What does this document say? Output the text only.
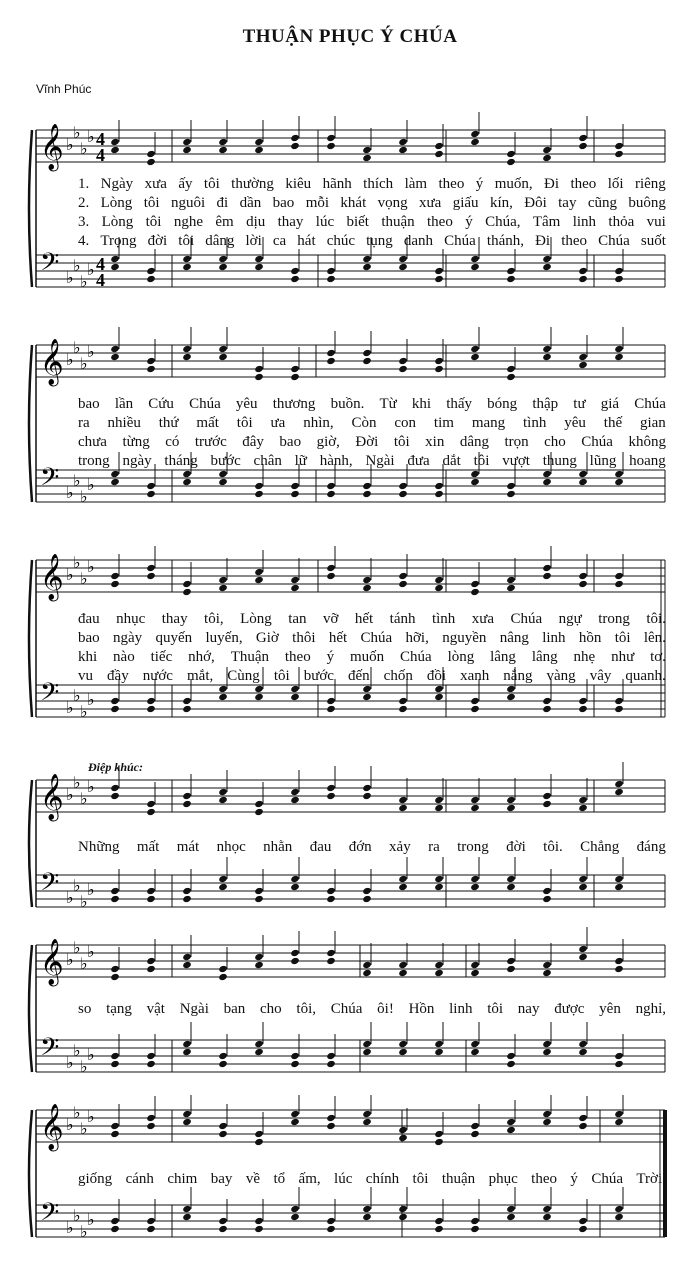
THUẬN PHỤC Ý CHÚA
Vĩnh Phúc
𝄞 ♭
♭
♭
♭ 4
4
𝄢 ♭
♭
♭
♭ 4
4
1. Ngày xưa ấy tôi thường kiêu hãnh thích làm theo ý muốn, Đi theo lối riêng
2. Lòng tôi nguôi đi dần bao mỗi khát vọng xưa giấu kín, Đôi tay cũng buông
3. Lòng tôi nghe êm dịu thay lúc biết thuận theo ý Chúa, Tâm linh thỏa vui
4. Trọng đời tôi dâng lời ca hát chúc tụng danh Chúa thánh, Đi theo Chúa suốt
𝄞 ♭
♭
♭
♭
𝄢 ♭
♭
♭
♭
bao lần Cứu Chúa yêu thương buồn. Từ khi thấy bóng thập tư giá Chúa
ra nhiều thứ mất tôi ưa nhìn, Còn con tim mang tình yêu thế gian
chưa từng có trước đây bao giờ, Đời tôi xin dâng trọn cho Chúa không
trong ngày tháng bước chân lữ hành, Ngài đưa dắt tôi vượt thung lũng hoang
𝄞 ♭
♭
♭
♭
𝄢 ♭
♭
♭
♭
đau nhục thay tôi, Lòng tan vỡ hết tánh tình xưa Chúa ngự trong tôi.
bao ngày quyến luyến, Giờ thôi hết Chúa hỡi, nguyền nâng linh hồn tôi lên.
khi nào tiếc nhớ, Thuận theo ý muốn Chúa lòng lâng lâng nhẹ như tơ.
vu đầy nước mắt, Cùng tôi bước đến chốn đồi xanh nắng vàng vây quanh.
Điệp khúc:
𝄞 ♭
♭
♭
♭
𝄢 ♭
♭
♭
♭
Những mất mát nhọc nhằn đau đớn xảy ra trong đời tôi. Chẳng đáng
𝄞 ♭
♭
♭
♭
𝄢 ♭
♭
♭
♭
so tạng vật Ngài ban cho tôi, Chúa ôi! Hồn linh tôi nay được yên nghỉ,
𝄞 ♭
♭
♭
♭
𝄢 ♭
♭
♭
♭
giống cánh chim bay về tổ ấm, lúc chính tôi thuận phục theo ý Chúa Trời.
